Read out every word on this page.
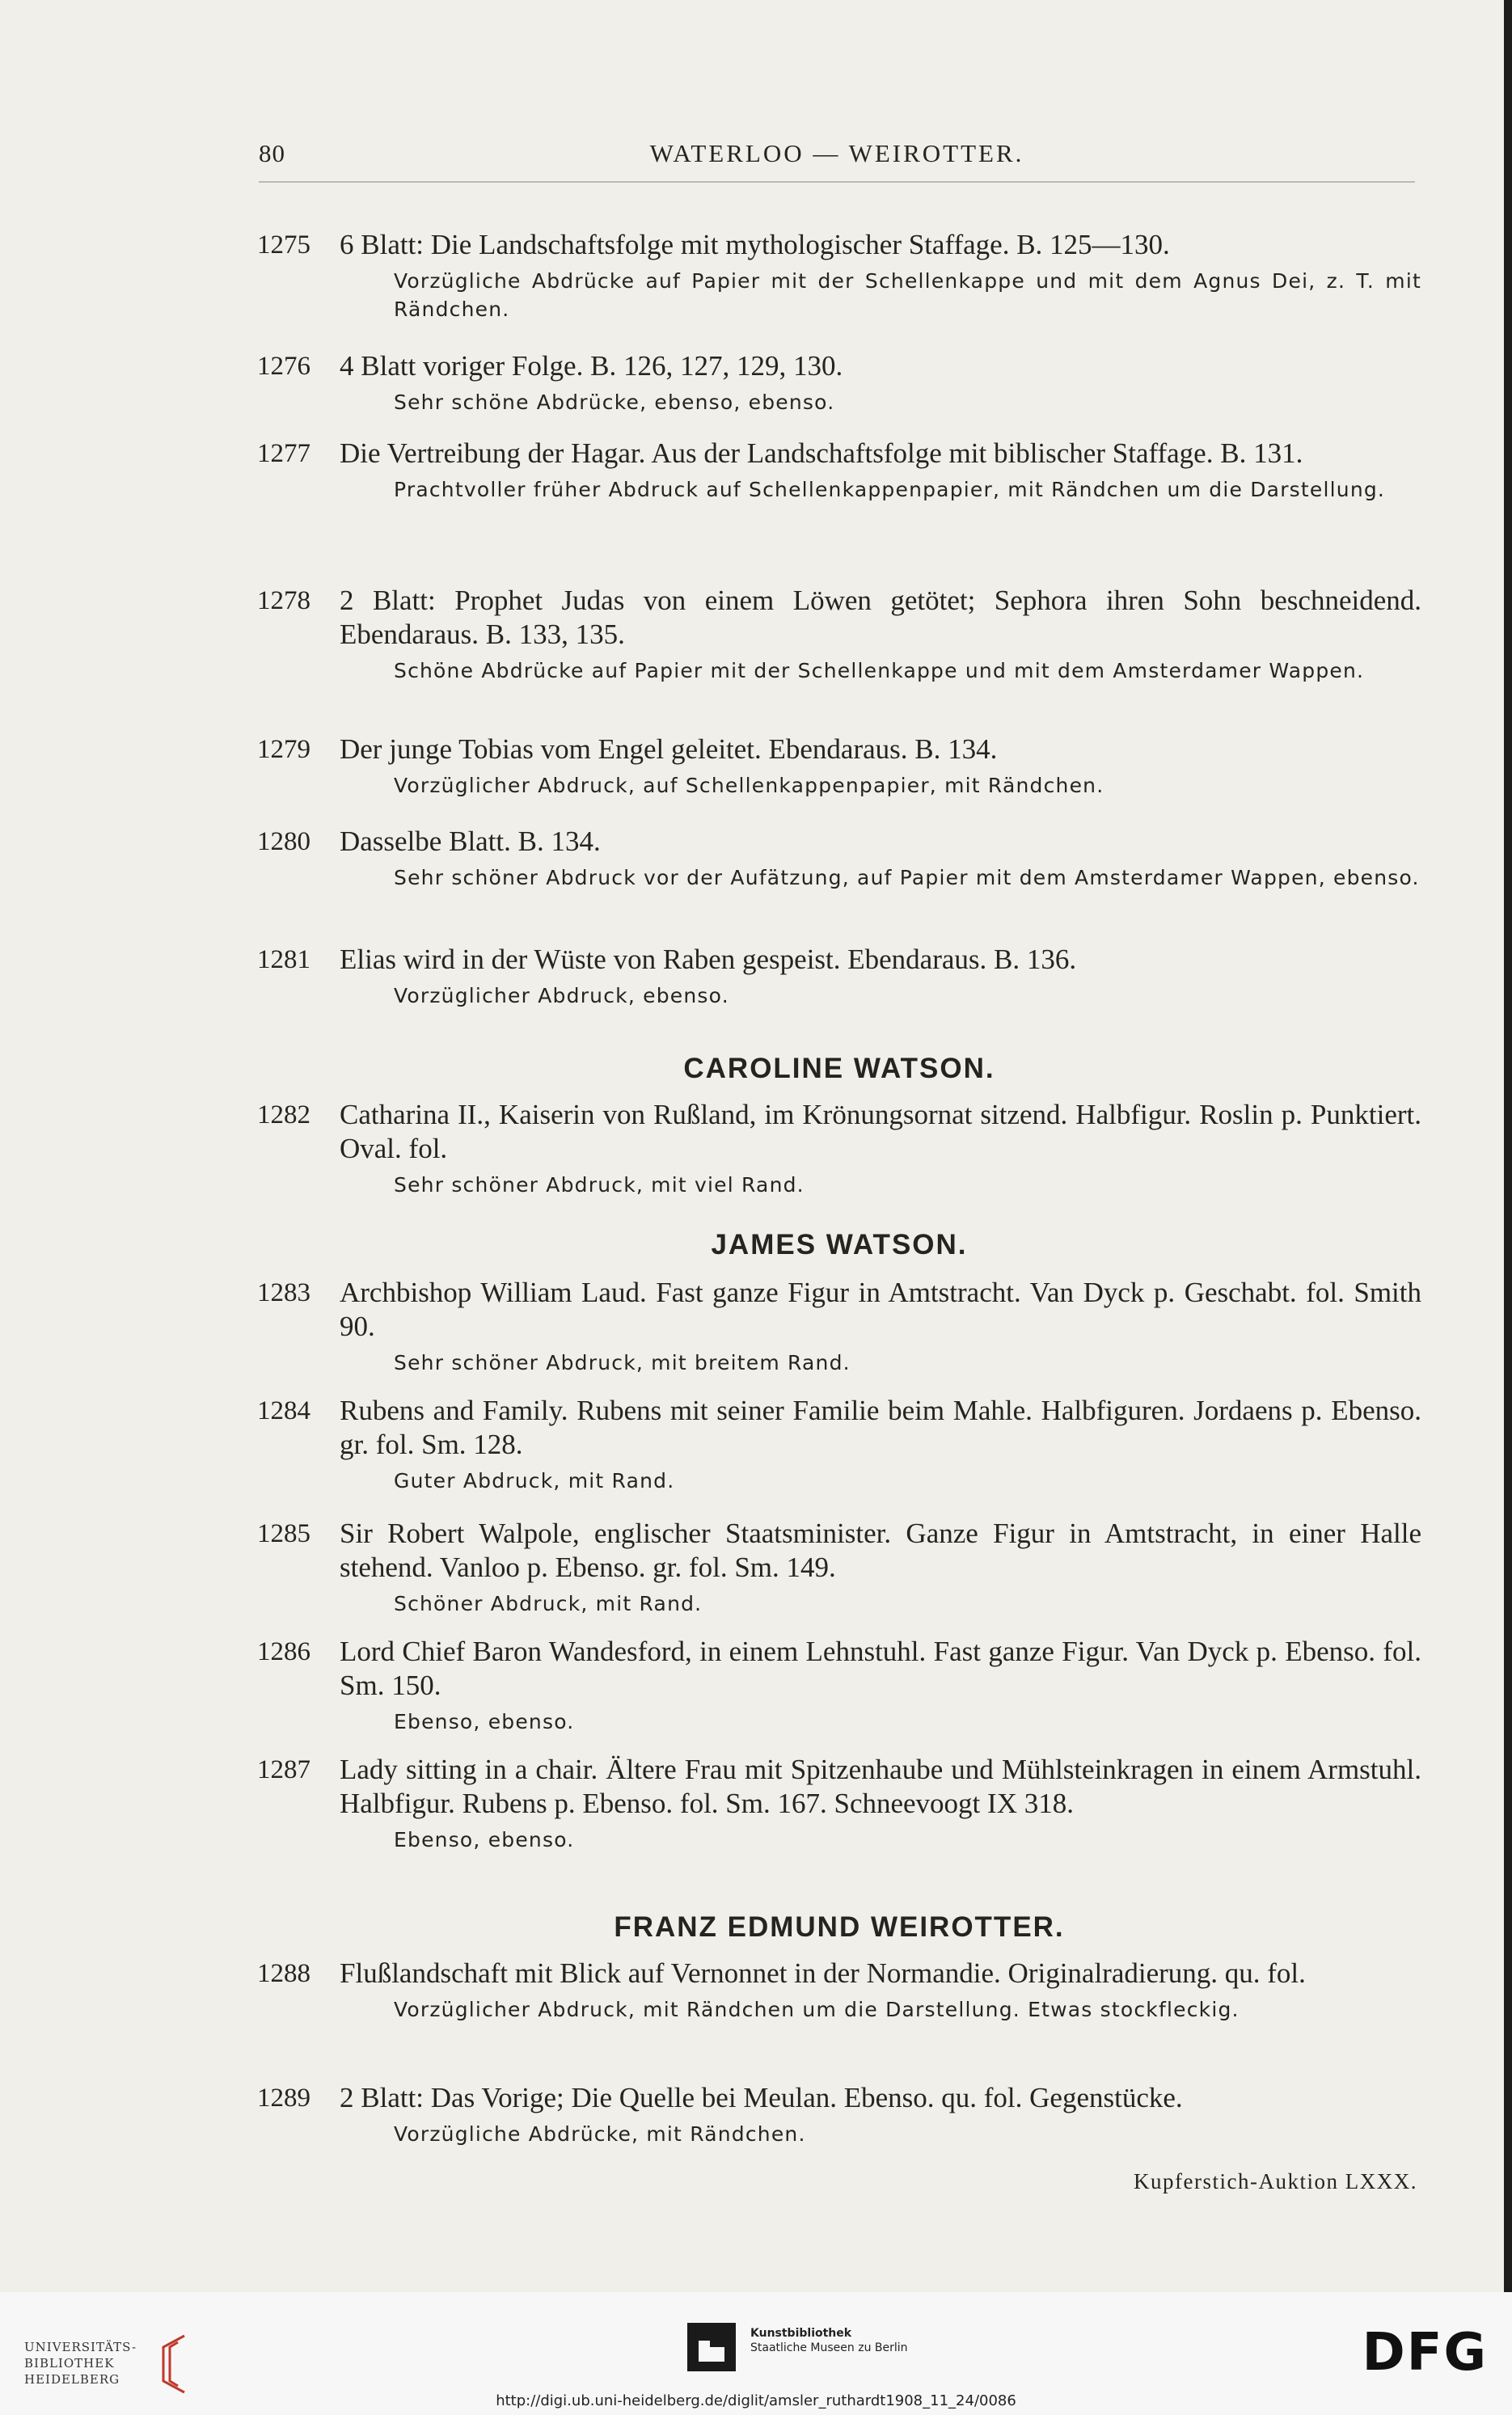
80	WATERLOO — WEIROTTER.
1275 6 Blatt: Die Landschaftsfolge mit mythologischer Staffage. B. 125—130.
Vorzügliche Abdrücke auf Papier mit der Schellenkappe und mit dem Agnus Dei, z. T. mit Rändchen.
1276 4 Blatt voriger Folge. B. 126, 127, 129, 130.
Sehr schöne Abdrücke, ebenso, ebenso.
1277 Die Vertreibung der Hagar. Aus der Landschaftsfolge mit biblischer Staffage. B. 131.
Prachtvoller früher Abdruck auf Schellenkappenpapier, mit Rändchen um die Darstellung.
1278 2 Blatt: Prophet Judas von einem Löwen getötet; Sephora ihren Sohn beschneidend. Ebendaraus. B. 133, 135.
Schöne Abdrücke auf Papier mit der Schellenkappe und mit dem Amsterdamer Wappen.
1279 Der junge Tobias vom Engel geleitet. Ebendaraus. B. 134.
Vorzüglicher Abdruck, auf Schellenkappenpapier, mit Rändchen.
1280 Dasselbe Blatt. B. 134.
Sehr schöner Abdruck vor der Aufätzung, auf Papier mit dem Amsterdamer Wappen, ebenso.
1281 Elias wird in der Wüste von Raben gespeist. Ebendaraus. B. 136.
Vorzüglicher Abdruck, ebenso.
CAROLINE WATSON.
1282 Catharina II., Kaiserin von Rußland, im Krönungsornat sitzend. Halbfigur. Roslin p. Punktiert. Oval. fol.
Sehr schöner Abdruck, mit viel Rand.
JAMES WATSON.
1283 Archbishop William Laud. Fast ganze Figur in Amtstracht. Van Dyck p. Geschabt. fol. Smith 90.
Sehr schöner Abdruck, mit breitem Rand.
1284 Rubens and Family. Rubens mit seiner Familie beim Mahle. Halbfiguren. Jordaens p. Ebenso. gr. fol. Sm. 128.
Guter Abdruck, mit Rand.
1285 Sir Robert Walpole, englischer Staatsminister. Ganze Figur in Amtstracht, in einer Halle stehend. Vanloo p. Ebenso. gr. fol. Sm. 149.
Schöner Abdruck, mit Rand.
1286 Lord Chief Baron Wandesford, in einem Lehnstuhl. Fast ganze Figur. Van Dyck p. Ebenso. fol. Sm. 150.
Ebenso, ebenso.
1287 Lady sitting in a chair. Ältere Frau mit Spitzenhaube und Mühlsteinkragen in einem Armstuhl. Halbfigur. Rubens p. Ebenso. fol. Sm. 167. Schneevoogt IX 318.
Ebenso, ebenso.
FRANZ EDMUND WEIROTTER.
1288 Flußlandschaft mit Blick auf Vernonnet in der Normandie. Originalradierung. qu. fol.
Vorzüglicher Abdruck, mit Rändchen um die Darstellung. Etwas stockfleckig.
1289 2 Blatt: Das Vorige; Die Quelle bei Meulan. Ebenso. qu. fol. Gegenstücke.
Vorzügliche Abdrücke, mit Rändchen.
Kupferstich-Auktion LXXX.
UNIVERSITÄTS-
BIBLIOTHEK
HEIDELBERG
Kunstbibliothek
Staatliche Museen zu Berlin	DFG
http://digi.ub.uni-heidelberg.de/diglit/amsler_ruthardt1908_11_24/0086
